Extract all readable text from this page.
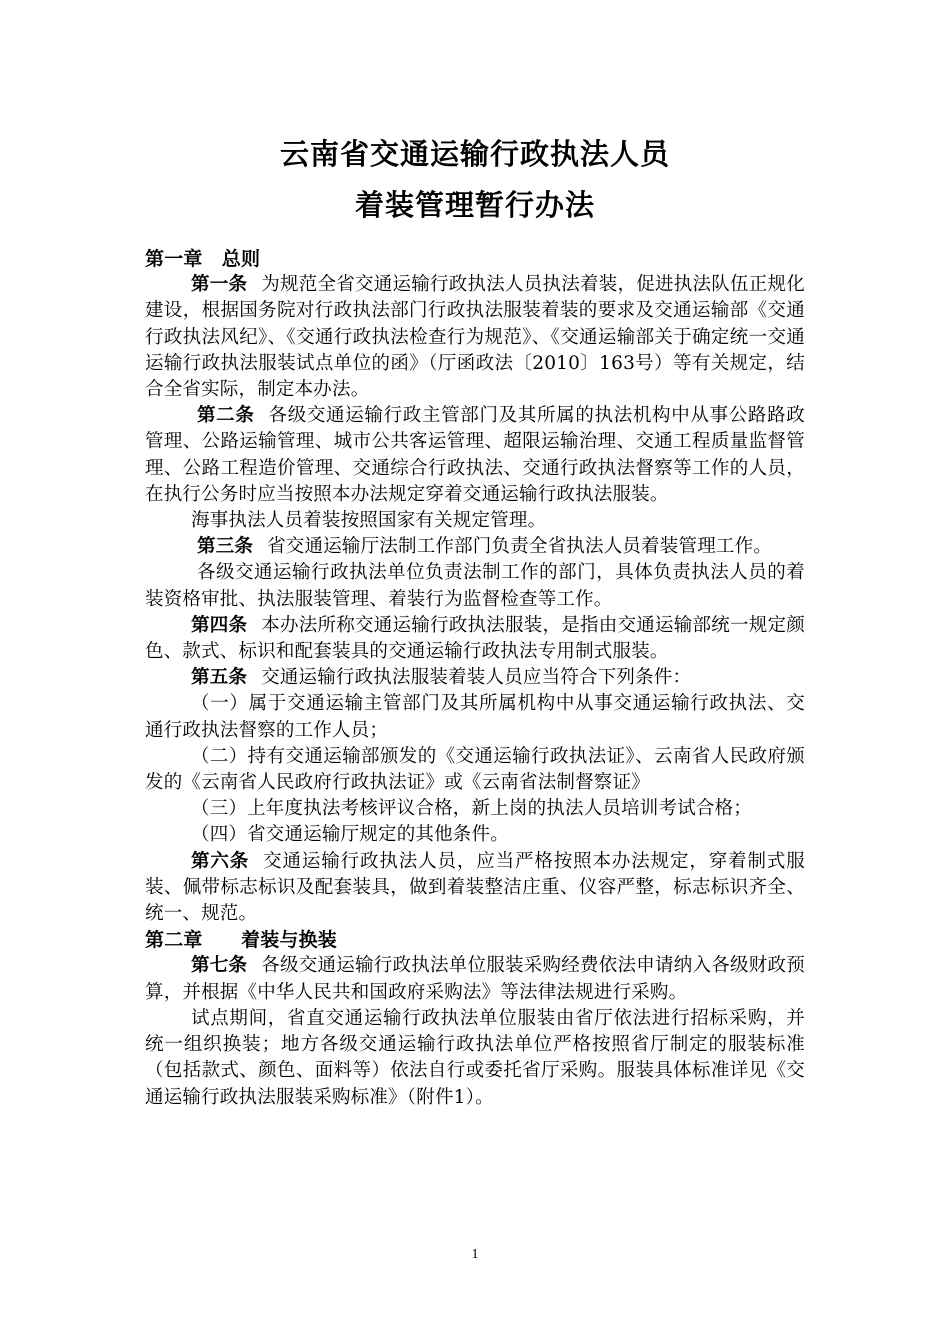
云南省交通运输行政执法人员
着装管理暂行办法

第一章　总则

第一条 为规范全省交通运输行政执法人员执法着装，促进执法队伍正规化建设，根据国务院对行政执法部门行政执法服装着装的要求及交通运输部《交通行政执法风纪》、《交通行政执法检查行为规范》、《交通运输部关于确定统一交通运输行政执法服装试点单位的函》（厅函政法〔2010〕163号）等有关规定，结合全省实际，制定本办法。

第二条 各级交通运输行政主管部门及其所属的执法机构中从事公路路政管理、公路运输管理、城市公共客运管理、超限运输治理、交通工程质量监督管理、公路工程造价管理、交通综合行政执法、交通行政执法督察等工作的人员，在执行公务时应当按照本办法规定穿着交通运输行政执法服装。

海事执法人员着装按照国家有关规定管理。

第三条 省交通运输厅法制工作部门负责全省执法人员着装管理工作。

各级交通运输行政执法单位负责法制工作的部门，具体负责执法人员的着装资格审批、执法服装管理、着装行为监督检查等工作。

第四条 本办法所称交通运输行政执法服装，是指由交通运输部统一规定颜色、款式、标识和配套装具的交通运输行政执法专用制式服装。

第五条 交通运输行政执法服装着装人员应当符合下列条件：

（一）属于交通运输主管部门及其所属机构中从事交通运输行政执法、交通行政执法督察的工作人员；

（二）持有交通运输部颁发的《交通运输行政执法证》、云南省人民政府颁发的《云南省人民政府行政执法证》或《云南省法制督察证》

（三）上年度执法考核评议合格，新上岗的执法人员培训考试合格；

（四）省交通运输厅规定的其他条件。

第六条 交通运输行政执法人员，应当严格按照本办法规定，穿着制式服装、佩带标志标识及配套装具，做到着装整洁庄重、仪容严整，标志标识齐全、统一、规范。

第二章　　着装与换装

第七条 各级交通运输行政执法单位服装采购经费依法申请纳入各级财政预算，并根据《中华人民共和国政府采购法》等法律法规进行采购。

试点期间，省直交通运输行政执法单位服装由省厅依法进行招标采购，并统一组织换装；地方各级交通运输行政执法单位严格按照省厅制定的服装标准（包括款式、颜色、面料等）依法自行或委托省厅采购。服装具体标准详见《交通运输行政执法服装采购标准》（附件1）。

1
